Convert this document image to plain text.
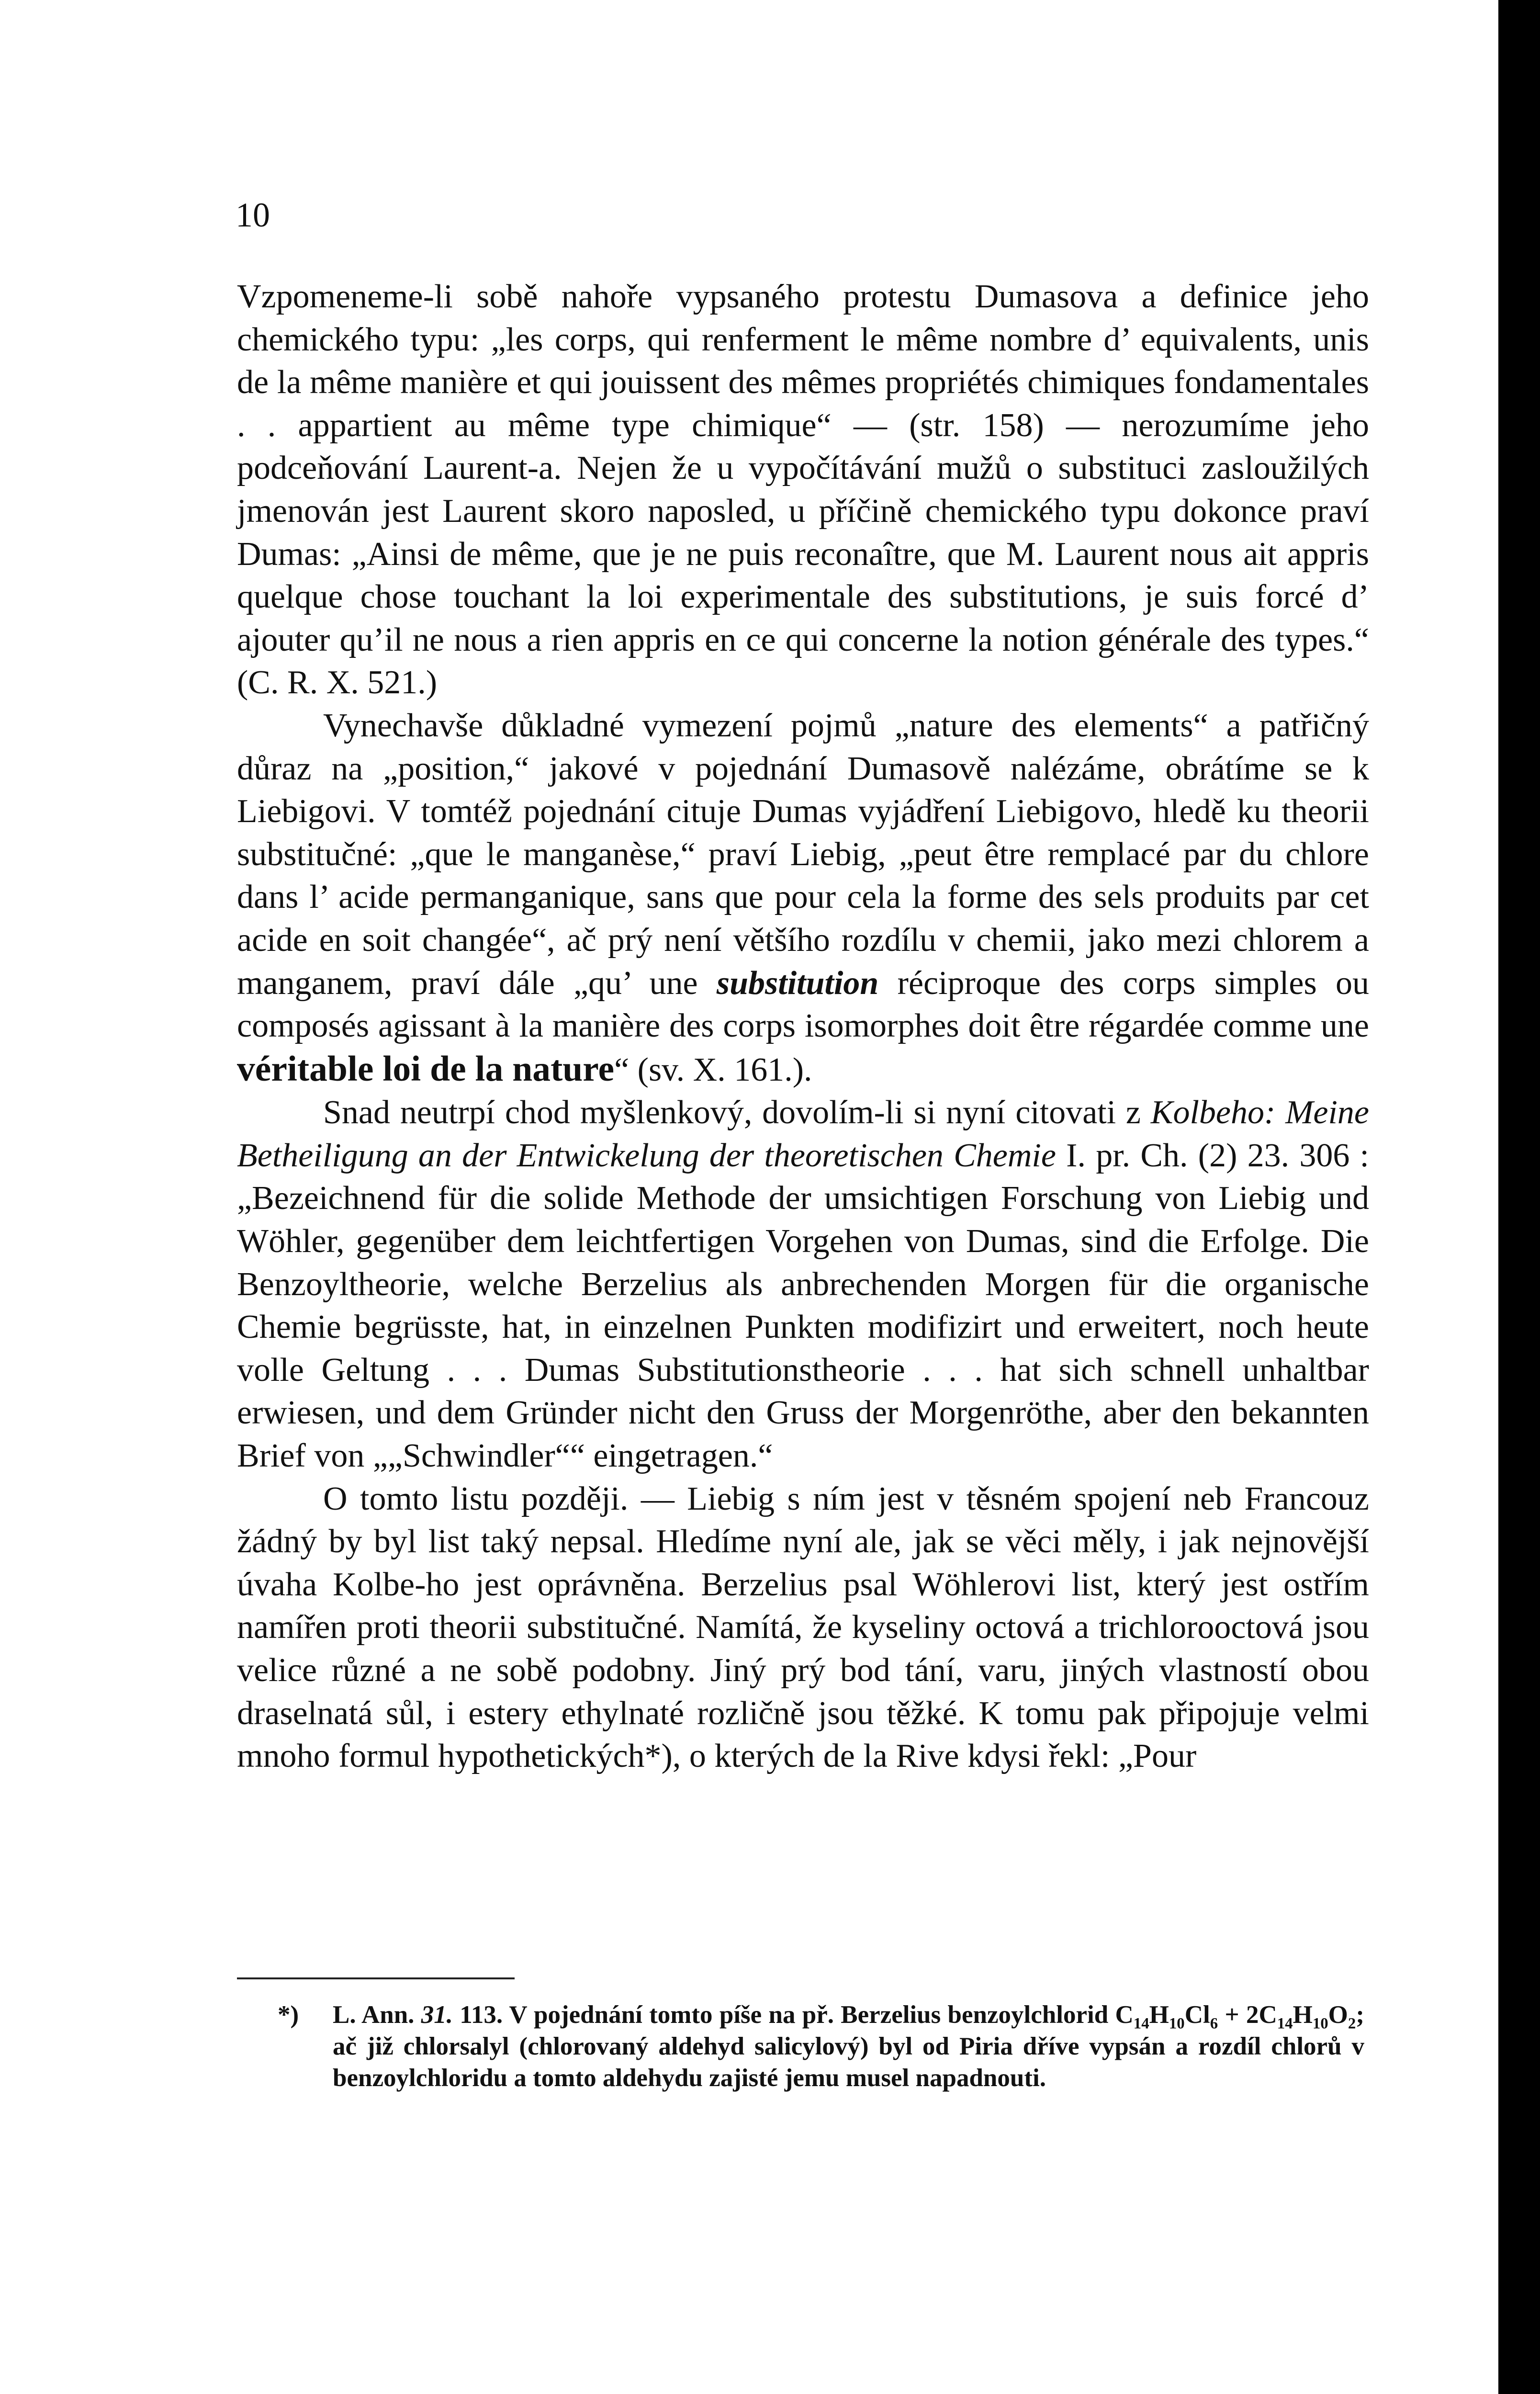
10

Vzpomeneme-li sobě nahoře vypsaného protestu Dumasova a definice jeho chemického typu: „les corps, qui renferment le même nombre d’ equivalents, unis de la même manière et qui jouissent des mêmes propriétés chimiques fondamentales . . appartient au même type chimique“ — (str. 158) — nerozumíme jeho podceňování Laurent-a. Nejen že u vypočítávání mužů o substituci zasloužilých jmenován jest Laurent skoro naposled, u příčině chemického typu dokonce praví Dumas: „Ainsi de même, que je ne puis reconaître, que M. Laurent nous ait appris quelque chose touchant la loi experimentale des substitutions, je suis forcé d’ ajouter qu’il ne nous a rien appris en ce qui concerne la notion générale des types.“ (C. R. X. 521.)

Vynechavše důkladné vymezení pojmů „nature des elements“ a patřičný důraz na „position,“ jakové v pojednání Dumasově nalézáme, obrátíme se k Liebigovi. V tomtéž pojednání cituje Dumas vyjádření Liebigovo, hledě ku theorii substitučné: „que le manganèse,“ praví Liebig, „peut être remplacé par du chlore dans l’ acide permanganique, sans que pour cela la forme des sels produits par cet acide en soit changée“, ač prý není většího rozdílu v chemii, jako mezi chlorem a manganem, praví dále „qu’ une substitution réciproque des corps simples ou composés agissant à la manière des corps isomorphes doit être régardée comme une véritable loi de la nature“ (sv. X. 161.).

Snad neutrpí chod myšlenkový, dovolím-li si nyní citovati z Kolbeho: Meine Betheiligung an der Entwickelung der theoretischen Chemie I. pr. Ch. (2) 23. 306 : „Bezeichnend für die solide Methode der umsichtigen Forschung von Liebig und Wöhler, gegenüber dem leichtfertigen Vorgehen von Dumas, sind die Erfolge. Die Benzoyltheorie, welche Berzelius als anbrechenden Morgen für die organische Chemie begrüsste, hat, in einzelnen Punkten modifizirt und erweitert, noch heute volle Geltung . . . Dumas Substitutionstheorie . . . hat sich schnell unhaltbar erwiesen, und dem Gründer nicht den Gruss der Morgenröthe, aber den bekannten Brief von „„Schwindler““ eingetragen.“

O tomto listu později. — Liebig s ním jest v těsném spojení neb Francouz žádný by byl list taký nepsal. Hledíme nyní ale, jak se věci měly, i jak nejnovější úvaha Kolbe-ho jest oprávněna. Berzelius psal Wöhlerovi list, který jest ostřím namířen proti theorii substitučné. Namítá, že kyseliny octová a trichlorooctová jsou velice různé a ne sobě podobny. Jiný prý bod tání, varu, jiných vlastností obou draselnatá sůl, i estery ethylnaté rozličně jsou těžké. K tomu pak připojuje velmi mnoho formul hypothetických*), o kterých de la Rive kdysi řekl: „Pour

*) L. Ann. 31. 113. V pojednání tomto píše na př. Berzelius benzoylchlorid $C_{14}H_{10}Cl_6 + 2C_{14}H_{10}O_2$; ač již chlorsalyl (chlorovaný aldehyd salicylový) byl od Piria dříve vypsán a rozdíl chlorů v benzoylchloridu a tomto aldehydu zajisté jemu musel napadnouti.
